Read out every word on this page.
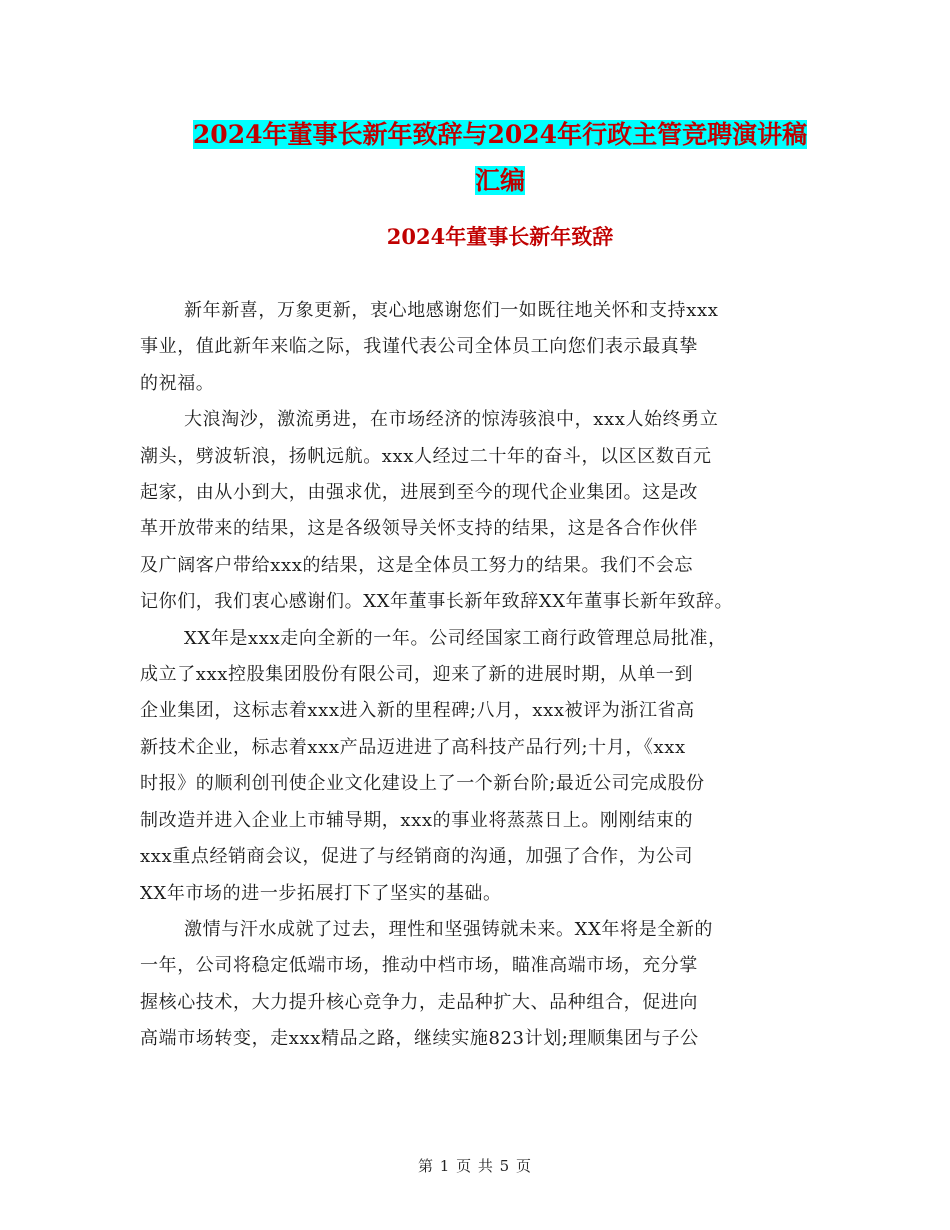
2024年董事长新年致辞与2024年行政主管竞聘演讲稿
汇编
2024年董事长新年致辞

新年新喜，万象更新，衷心地感谢您们一如既往地关怀和支持xxx
事业，值此新年来临之际，我谨代表公司全体员工向您们表示最真挚
的祝福。

大浪淘沙，激流勇进，在市场经济的惊涛骇浪中，xxx人始终勇立
潮头，劈波斩浪，扬帆远航。xxx人经过二十年的奋斗，以区区数百元
起家，由从小到大，由强求优，进展到至今的现代企业集团。这是改
革开放带来的结果，这是各级领导关怀支持的结果，这是各合作伙伴
及广阔客户带给xxx的结果，这是全体员工努力的结果。我们不会忘
记你们，我们衷心感谢们。XX年董事长新年致辞XX年董事长新年致辞。

XX年是xxx走向全新的一年。公司经国家工商行政管理总局批准，
成立了xxx控股集团股份有限公司，迎来了新的进展时期，从单一到
企业集团，这标志着xxx进入新的里程碑;八月，xxx被评为浙江省高
新技术企业，标志着xxx产品迈进进了高科技产品行列;十月，《xxx
时报》的顺利创刊使企业文化建设上了一个新台阶;最近公司完成股份
制改造并进入企业上市辅导期，xxx的事业将蒸蒸日上。刚刚结束的
xxx重点经销商会议，促进了与经销商的沟通，加强了合作，为公司
XX年市场的进一步拓展打下了坚实的基础。

激情与汗水成就了过去，理性和坚强铸就未来。XX年将是全新的
一年，公司将稳定低端市场，推动中档市场，瞄准高端市场，充分掌
握核心技术，大力提升核心竞争力，走品种扩大、品种组合，促进向
高端市场转变，走xxx精品之路，继续实施823计划;理顺集团与子公

第 1 页 共 5 页
